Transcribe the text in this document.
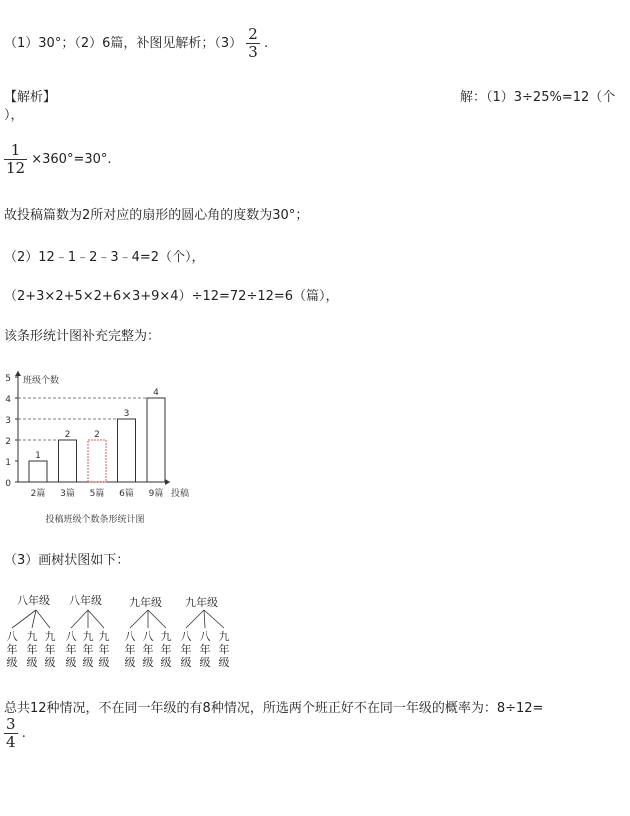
（1）30°；（2）6篇，补图见解析；$(3) \frac{2}{3}$ .
【解析】	解：（1）3÷25%=12（个
），
$\frac{1}{12} \times 360^\circ=30^\circ$.
故投稿篇数为2所对应的扇形的圆心角的度数为30°；
（2）12﹣1﹣2﹣3﹣4=2（个），
（2+3×2+5×2+6×3+9×4）÷12=72÷12=6（篇），
该条形统计图补充完整为：
0
1
2
3
4
5 班级个数
投稿
1
2篇
2
3篇
2
5篇
3
6篇
4
9篇
投稿班级个数条形统计图
（3）画树状图如下：
八年级
八
年
级
九
年
级
九
年
级
八年级
八
年
级
九
年
级
九
年
级
九年级
八
年
级
八
年
级
九
年
级
九年级
八
年
级
八
年
级
九
年
级
总共12种情况，不在同一年级的有8种情况，所选两个班正好不在同一年级的概率为：8÷12=
$\frac{3}{4}$ .
